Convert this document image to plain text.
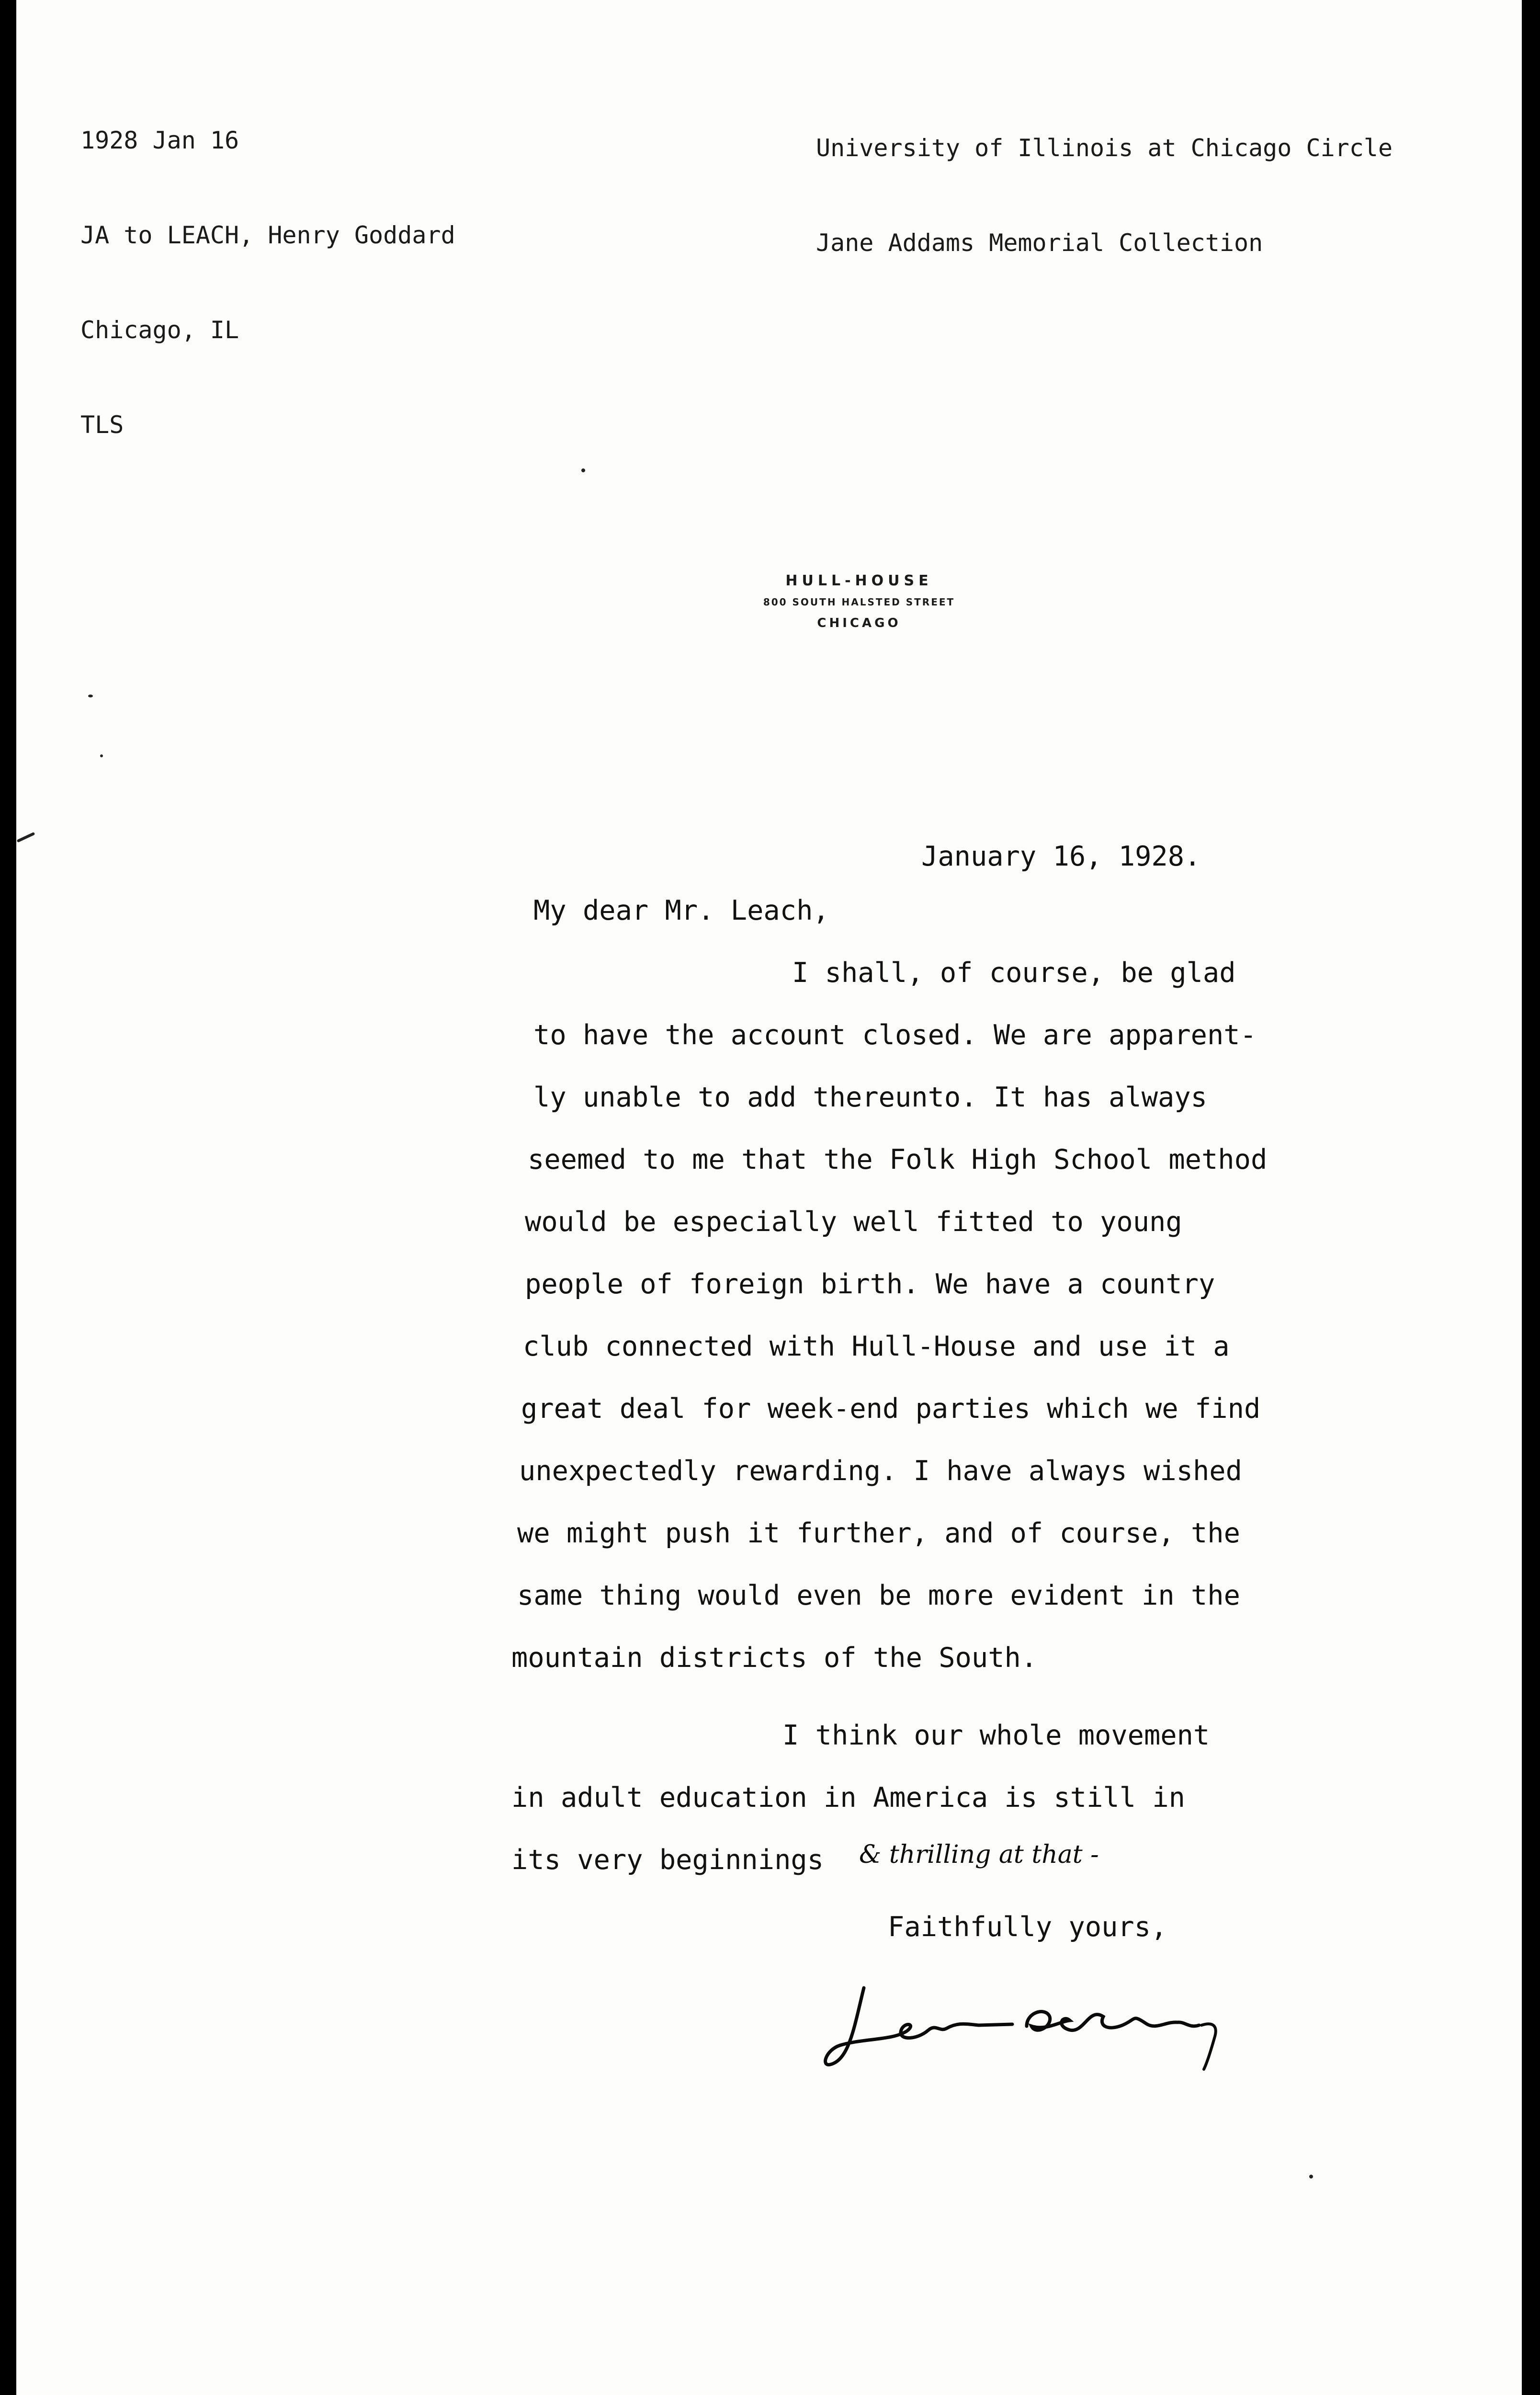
1928 Jan 16

JA to LEACH, Henry Goddard

Chicago, IL

TLS

University of Illinois at Chicago Circle

Jane Addams Memorial Collection

HULL-HOUSE
800 SOUTH HALSTED STREET
CHICAGO
January 16, 1928.
My dear Mr. Leach,
I shall, of course, be glad
to have the account closed. We are apparent-
ly unable to add thereunto. It has always
seemed to me that the Folk High School method
would be especially well fitted to young
people of foreign birth. We have a country
club connected with Hull-House and use it a
great deal for week-end parties which we find
unexpectedly rewarding. I have always wished
we might push it further, and of course, the
same thing would even be more evident in the
mountain districts of the South.
I think our whole movement
in adult education in America is still in
its very beginnings & thrilling at that -
Faithfully yours,
